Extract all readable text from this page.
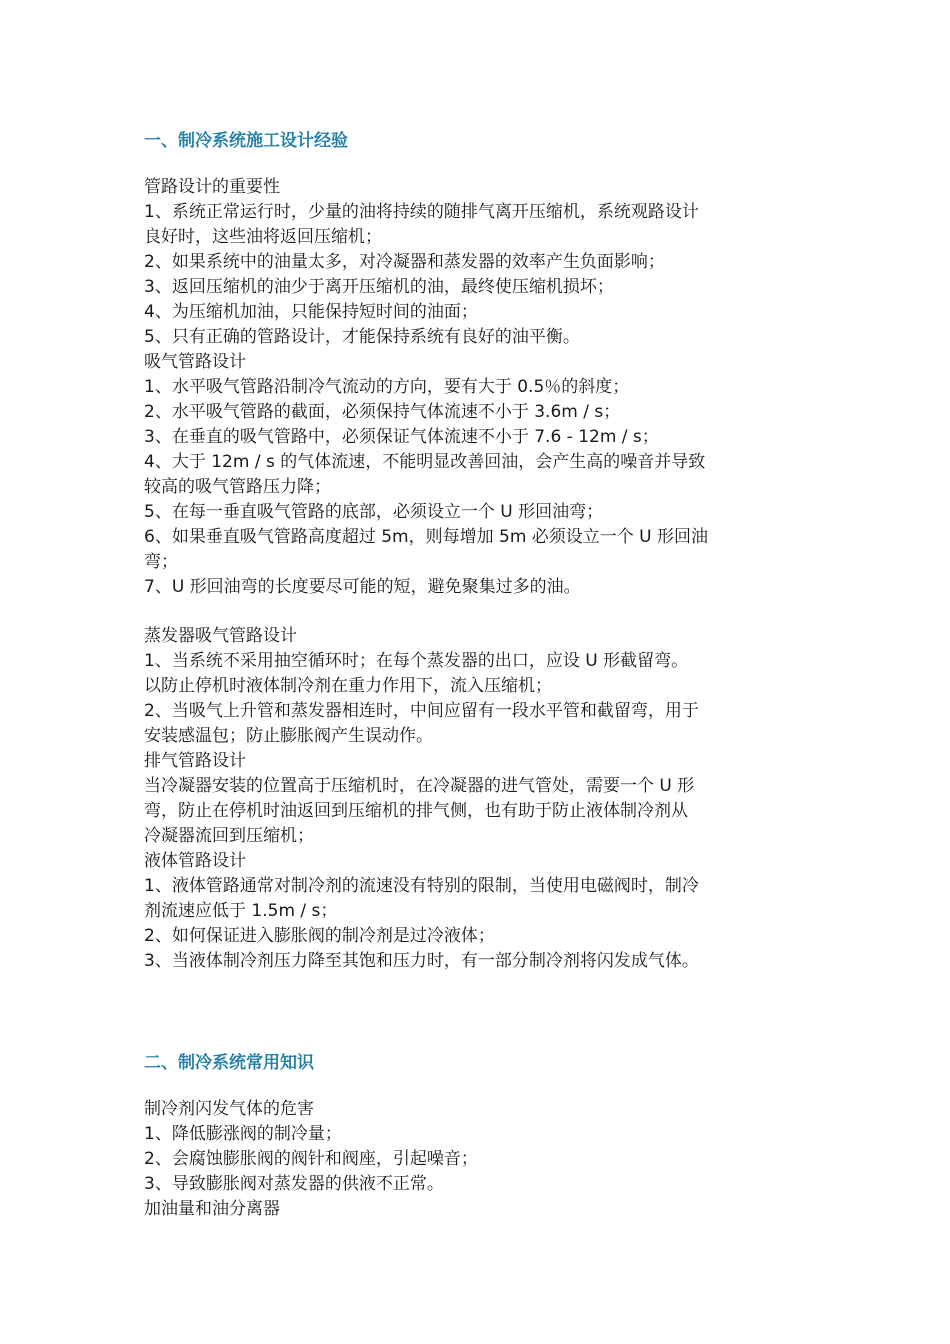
一、制冷系统施工设计经验
管路设计的重要性
1、系统正常运行时，少量的油将持续的随排气离开压缩机，系统观路设计
良好时，这些油将返回压缩机；
2、如果系统中的油量太多，对冷凝器和蒸发器的效率产生负面影响；
3、返回压缩机的油少于离开压缩机的油，最终使压缩机损坏；
4、为压缩机加油，只能保持短时间的油面；
5、只有正确的管路设计，才能保持系统有良好的油平衡。
吸气管路设计
1、水平吸气管路沿制冷气流动的方向，要有大于 0.5％的斜度；
2、水平吸气管路的截面，必须保持气体流速不小于 3.6m / s；
3、在垂直的吸气管路中，必须保证气体流速不小于 7.6 - 12m / s；
4、大于 12m / s 的气体流速，不能明显改善回油，会产生高的噪音并导致
较高的吸气管路压力降；
5、在每一垂直吸气管路的底部，必须设立一个 U 形回油弯；
6、如果垂直吸气管路高度超过 5m，则每增加 5m 必须设立一个 U 形回油
弯；
7、U 形回油弯的长度要尽可能的短，避免聚集过多的油。
蒸发器吸气管路设计
1、当系统不采用抽空循环时；在每个蒸发器的出口，应设 U 形截留弯。
以防止停机时液体制冷剂在重力作用下，流入压缩机；
2、当吸气上升管和蒸发器相连时，中间应留有一段水平管和截留弯，用于
安装感温包；防止膨胀阀产生误动作。
排气管路设计
当冷凝器安装的位置高于压缩机时，在冷凝器的进气管处，需要一个 U 形
弯，防止在停机时油返回到压缩机的排气侧，也有助于防止液体制冷剂从
冷凝器流回到压缩机；
液体管路设计
1、液体管路通常对制冷剂的流速没有特别的限制，当使用电磁阀时，制冷
剂流速应低于 1.5m / s；
2、如何保证进入膨胀阀的制冷剂是过冷液体；
3、当液体制冷剂压力降至其饱和压力时，有一部分制冷剂将闪发成气体。
二、制冷系统常用知识
制冷剂闪发气体的危害
1、降低膨涨阀的制冷量；
2、会腐蚀膨胀阀的阀针和阀座，引起噪音；
3、导致膨胀阀对蒸发器的供液不正常。
加油量和油分离器
